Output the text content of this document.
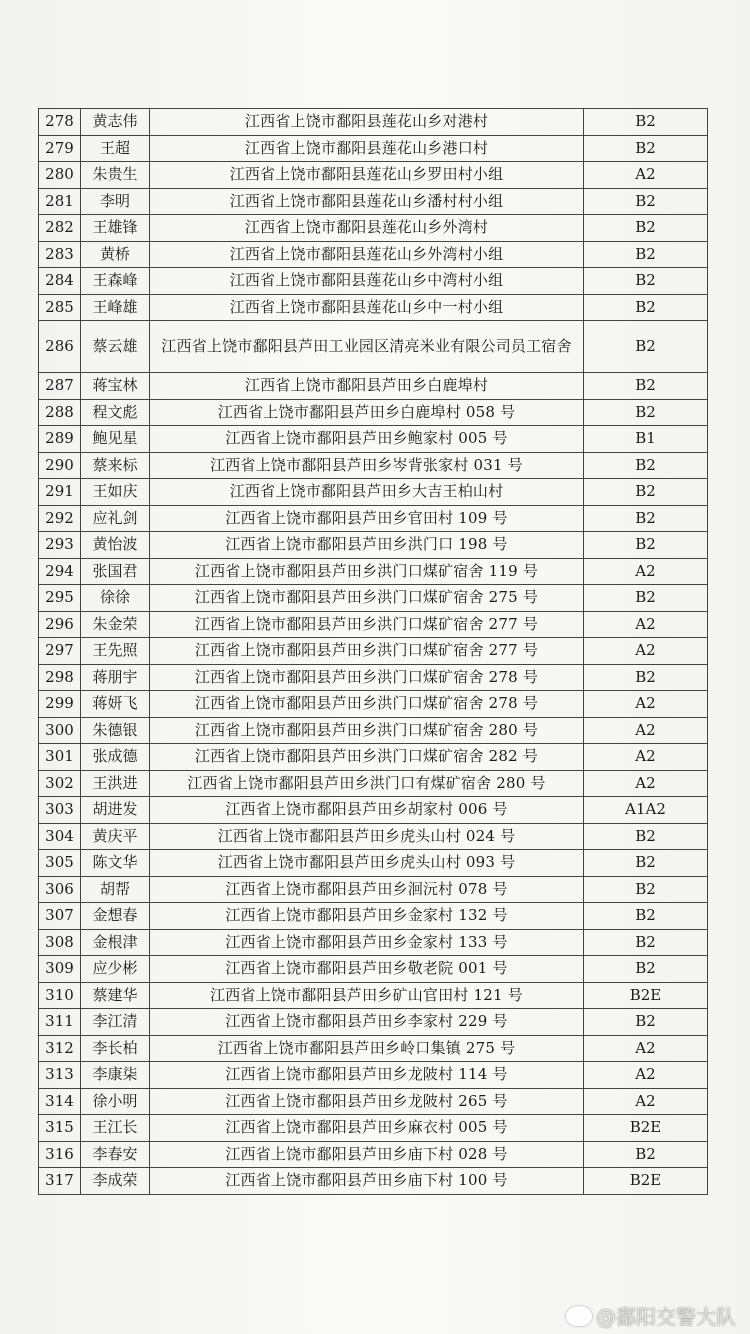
278	黄志伟	江西省上饶市鄱阳县莲花山乡对港村	B2
279	王超	江西省上饶市鄱阳县莲花山乡港口村	B2
280	朱贵生	江西省上饶市鄱阳县莲花山乡罗田村小组	A2
281	李明	江西省上饶市鄱阳县莲花山乡潘村村小组	B2
282	王雄锋	江西省上饶市鄱阳县莲花山乡外湾村	B2
283	黄桥	江西省上饶市鄱阳县莲花山乡外湾村小组	B2
284	王森峰	江西省上饶市鄱阳县莲花山乡中湾村小组	B2
285	王峰雄	江西省上饶市鄱阳县莲花山乡中一村小组	B2
286	蔡云雄	江西省上饶市鄱阳县芦田工业园区清亮米业有限公司员工宿舍	B2
287	蒋宝林	江西省上饶市鄱阳县芦田乡白鹿埠村	B2
288	程文彪	江西省上饶市鄱阳县芦田乡白鹿埠村 058 号	B2
289	鲍见星	江西省上饶市鄱阳县芦田乡鲍家村 005 号	B1
290	蔡来标	江西省上饶市鄱阳县芦田乡岑背张家村 031 号	B2
291	王如庆	江西省上饶市鄱阳县芦田乡大吉王柏山村	B2
292	应礼剑	江西省上饶市鄱阳县芦田乡官田村 109 号	B2
293	黄怡波	江西省上饶市鄱阳县芦田乡洪门口 198 号	B2
294	张国君	江西省上饶市鄱阳县芦田乡洪门口煤矿宿舍 119 号	A2
295	徐徐	江西省上饶市鄱阳县芦田乡洪门口煤矿宿舍 275 号	B2
296	朱金荣	江西省上饶市鄱阳县芦田乡洪门口煤矿宿舍 277 号	A2
297	王先照	江西省上饶市鄱阳县芦田乡洪门口煤矿宿舍 277 号	A2
298	蒋朋宇	江西省上饶市鄱阳县芦田乡洪门口煤矿宿舍 278 号	B2
299	蒋妍飞	江西省上饶市鄱阳县芦田乡洪门口煤矿宿舍 278 号	A2
300	朱德银	江西省上饶市鄱阳县芦田乡洪门口煤矿宿舍 280 号	A2
301	张成德	江西省上饶市鄱阳县芦田乡洪门口煤矿宿舍 282 号	A2
302	王洪进	江西省上饶市鄱阳县芦田乡洪门口有煤矿宿舍 280 号	A2
303	胡进发	江西省上饶市鄱阳县芦田乡胡家村 006 号	A1A2
304	黄庆平	江西省上饶市鄱阳县芦田乡虎头山村 024 号	B2
305	陈文华	江西省上饶市鄱阳县芦田乡虎头山村 093 号	B2
306	胡帮	江西省上饶市鄱阳县芦田乡洄沅村 078 号	B2
307	金想春	江西省上饶市鄱阳县芦田乡金家村 132 号	B2
308	金根津	江西省上饶市鄱阳县芦田乡金家村 133 号	B2
309	应少彬	江西省上饶市鄱阳县芦田乡敬老院 001 号	B2
310	蔡建华	江西省上饶市鄱阳县芦田乡矿山官田村 121 号	B2E
311	李江清	江西省上饶市鄱阳县芦田乡李家村 229 号	B2
312	李长柏	江西省上饶市鄱阳县芦田乡岭口集镇 275 号	A2
313	李康柒	江西省上饶市鄱阳县芦田乡龙陂村 114 号	A2
314	徐小明	江西省上饶市鄱阳县芦田乡龙陂村 265 号	A2
315	王江长	江西省上饶市鄱阳县芦田乡麻衣村 005 号	B2E
316	李春安	江西省上饶市鄱阳县芦田乡庙下村 028 号	B2
317	李成荣	江西省上饶市鄱阳县芦田乡庙下村 100 号	B2E
@鄱阳交警大队
